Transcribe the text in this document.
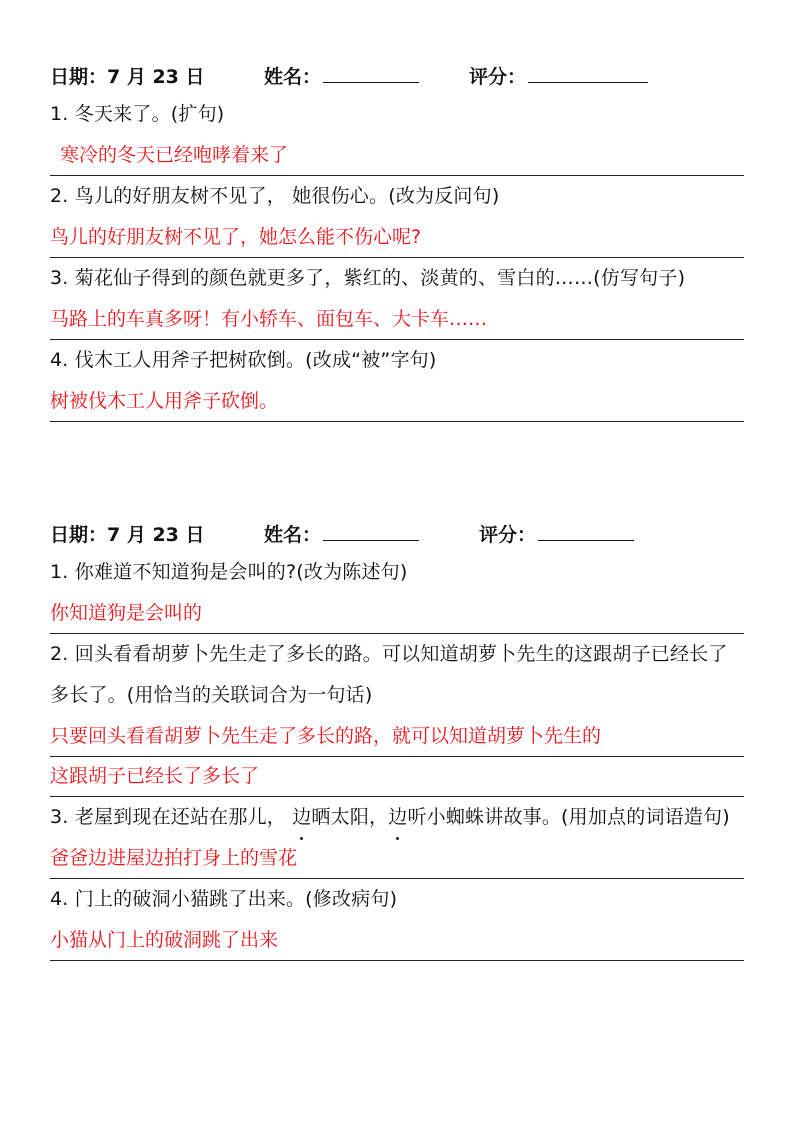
日期：7 月 23 日	姓名：	评分：
1. 冬天来了。(扩句)
寒冷的冬天已经咆哮着来了
2. 鸟儿的好朋友树不见了， 她很伤心。(改为反问句)
鸟儿的好朋友树不见了，她怎么能不伤心呢?
3. 菊花仙子得到的颜色就更多了，紫红的、淡黄的、雪白的……(仿写句子)
马路上的车真多呀！有小轿车、面包车、大卡车……
4. 伐木工人用斧子把树砍倒。(改成“被”字句)
树被伐木工人用斧子砍倒。
日期：7 月 23 日	姓名：	评分：
1. 你难道不知道狗是会叫的?(改为陈述句)
你知道狗是会叫的
2. 回头看看胡萝卜先生走了多长的路。可以知道胡萝卜先生的这跟胡子已经长了多长了。(用恰当的关联词合为一句话)
只要回头看看胡萝卜先生走了多长的路，就可以知道胡萝卜先生的
这跟胡子已经长了多长了
3. 老屋到现在还站在那儿， 边晒太阳，边听小蜘蛛讲故事。(用加点的词语造句)
爸爸边进屋边拍打身上的雪花
4. 门上的破洞小猫跳了出来。(修改病句)
小猫从门上的破洞跳了出来
